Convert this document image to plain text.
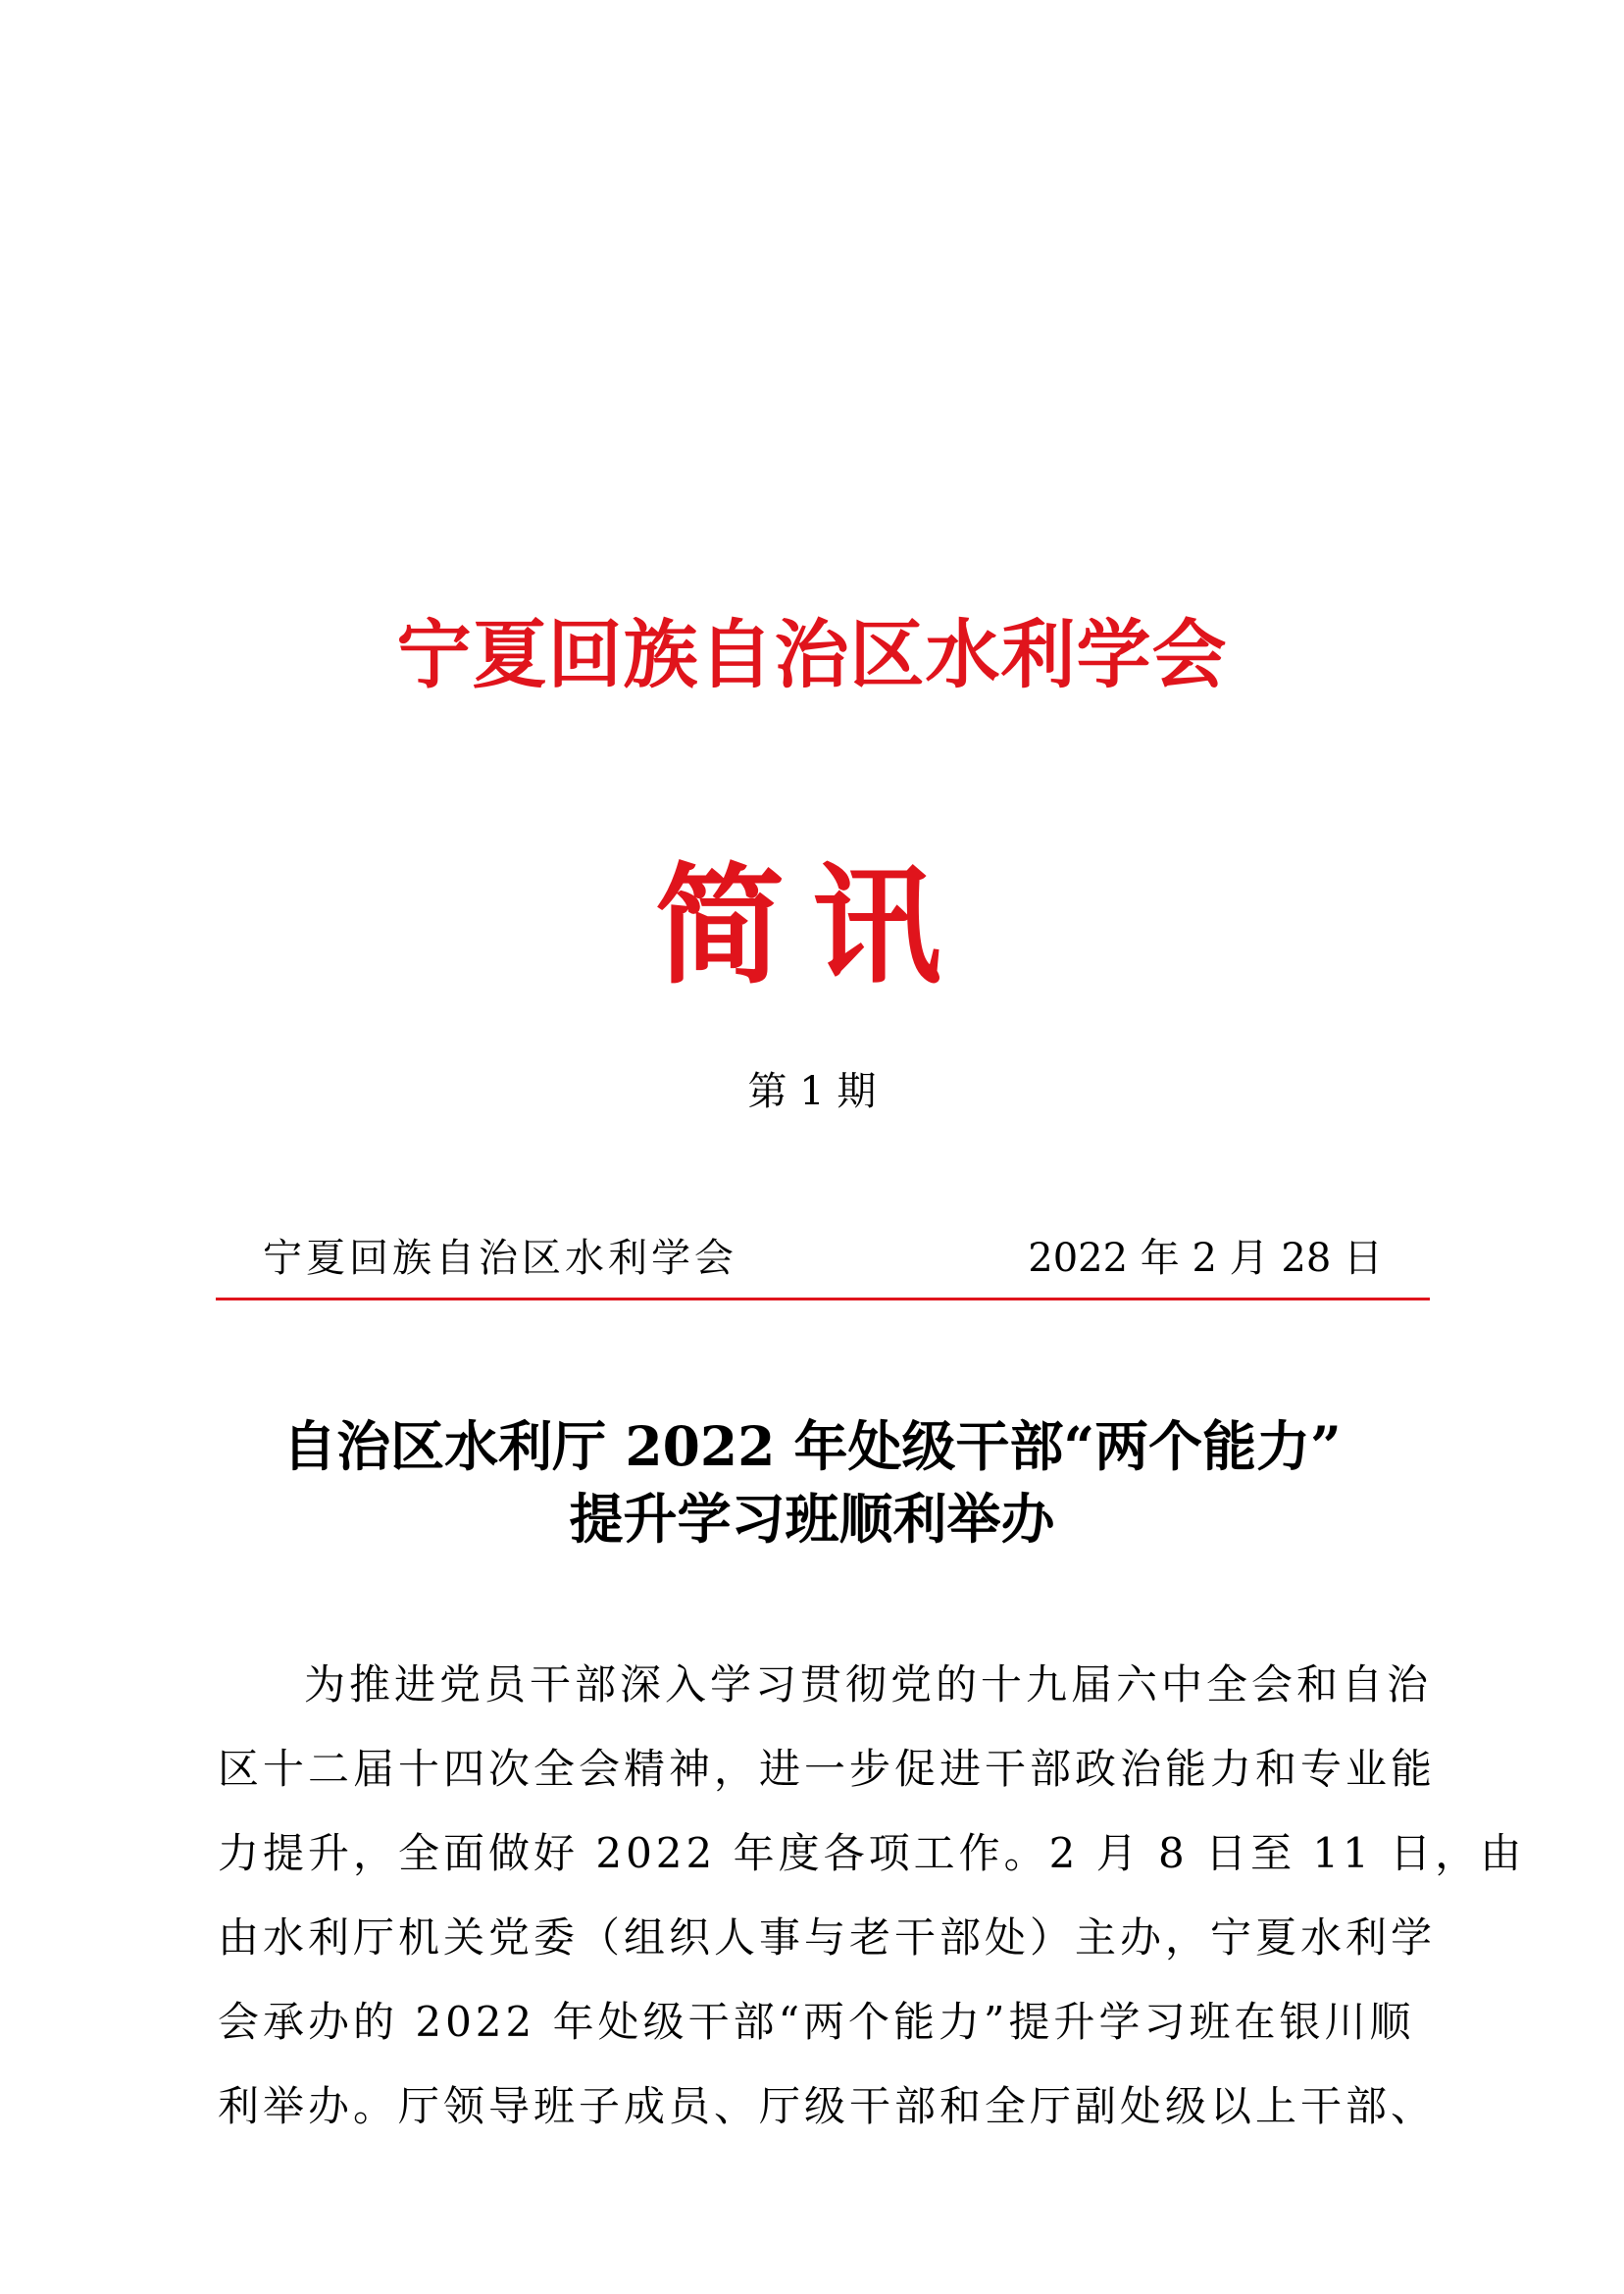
宁夏回族自治区水利学会
简讯
第 1 期
宁夏回族自治区水利学会	2022 年 2 月 28 日
自治区水利厅 2022 年处级干部“两个能力”
提升学习班顺利举办
为推进党员干部深入学习贯彻党的十九届六中全会和自治
区十二届十四次全会精神，进一步促进干部政治能力和专业能
力提升，全面做好 2022 年度各项工作。2 月 8 日至 11 日，由
由水利厅机关党委（组织人事与老干部处）主办，宁夏水利学
会承办的 2022 年处级干部“两个能力”提升学习班在银川顺
利举办。厅领导班子成员、厅级干部和全厅副处级以上干部、
